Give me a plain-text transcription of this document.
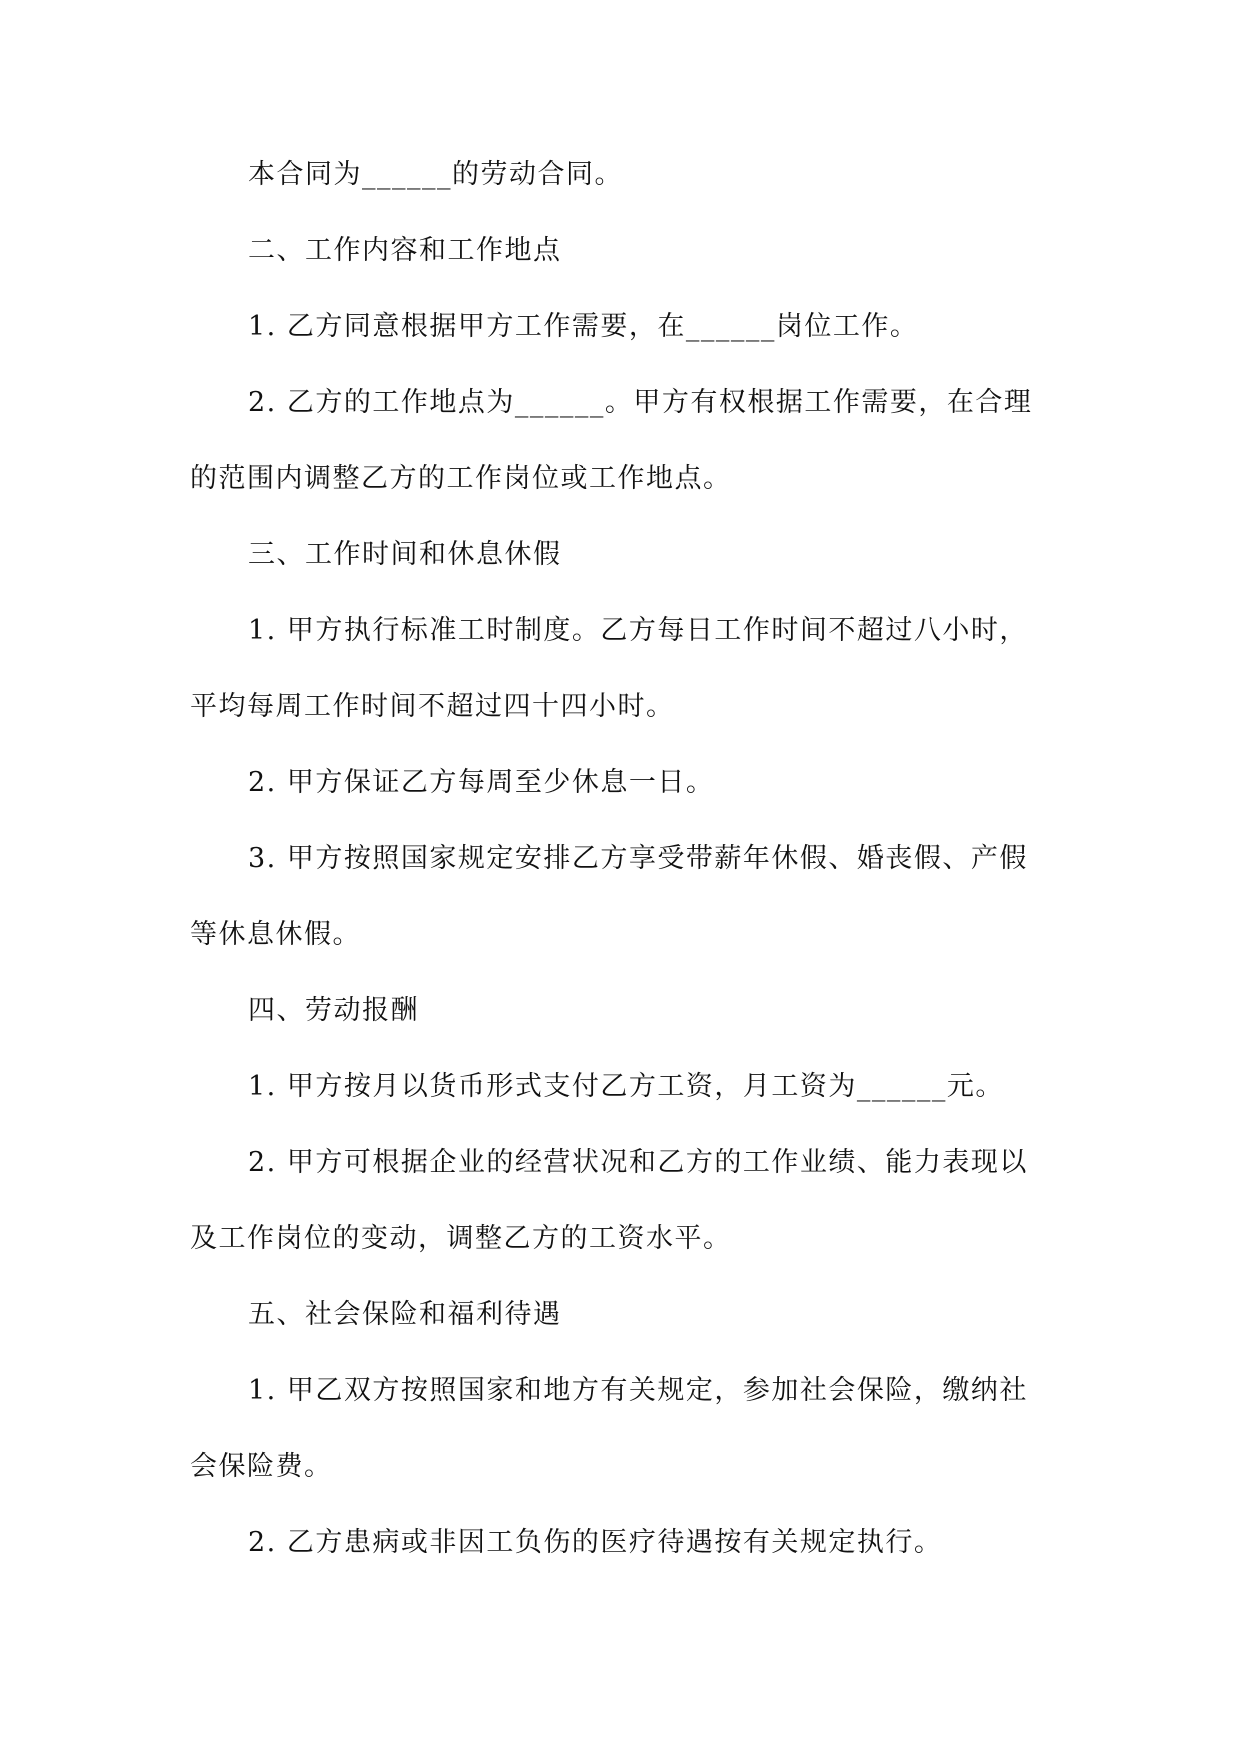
本合同为______的劳动合同。

二、工作内容和工作地点

1. 乙方同意根据甲方工作需要，在______岗位工作。

2. 乙方的工作地点为______。甲方有权根据工作需要，在合理的范围内调整乙方的工作岗位或工作地点。

三、工作时间和休息休假

1. 甲方执行标准工时制度。乙方每日工作时间不超过八小时，平均每周工作时间不超过四十四小时。

2. 甲方保证乙方每周至少休息一日。

3. 甲方按照国家规定安排乙方享受带薪年休假、婚丧假、产假等休息休假。

四、劳动报酬

1. 甲方按月以货币形式支付乙方工资，月工资为______元。

2. 甲方可根据企业的经营状况和乙方的工作业绩、能力表现以及工作岗位的变动，调整乙方的工资水平。

五、社会保险和福利待遇

1. 甲乙双方按照国家和地方有关规定，参加社会保险，缴纳社会保险费。

2. 乙方患病或非因工负伤的医疗待遇按有关规定执行。
